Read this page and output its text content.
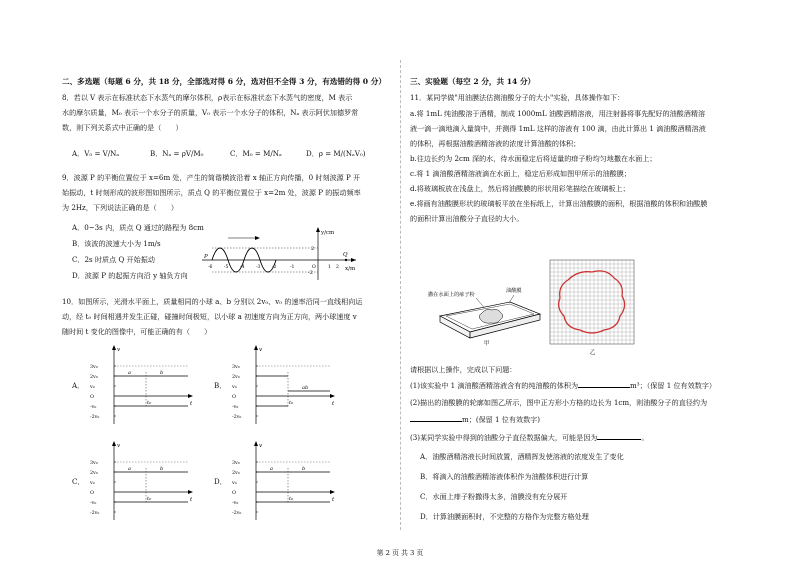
二、多选题（每题 6 分，共 18 分，全部选对得 6 分，选对但不全得 3 分，有选错的得 0 分）
8．若以 V 表示在标准状态下水蒸气的摩尔体积，ρ表示在标准状态下水蒸气的密度，M 表示
水的摩尔质量，M₀ 表示一个水分子的质量，V₀ 表示一个水分子的体积，Nₐ 表示阿伏加德罗常
数，则下列关系式中正确的是（　　）
A．V₀ = V/Nₐ	B．Nₐ = ρV/M₀	C．M₀ = M/Nₐ	D．ρ = M/(NₐV₀)
9．波源 P 的平衡位置位于 x=6m 处，产生的简谐横波沿着 x 轴正方向传播，0 时刻波源 P 开
始振动，t 时刻形成的波形图如图所示，质点 Q 的平衡位置位于 x=2m 处，波源 P 的振动频率
为 2Hz，下列说法正确的是（　　）
A．0~3s 内，质点 Q 通过的路程为 8cm
B．该波的波速大小为 1m/s
C．2s 时质点 Q 开始振动
D．波源 P 的起振方向沿 y 轴负方向
y/cm
x/m
2
-2
P	Q
-6	-5	-4	-3	-2	-1	O	1 2
10．如图所示，光滑水平面上，质量相同的小球 a、b 分别以 2v₀、v₀ 的速率沿同一直线相向运
动，经 t₀ 时间相遇并发生正碰，碰撞时间极短，以小球 a 初速度方向为正方向，两小球速度 v
随时间 t 变化的图像中，可能正确的有（　　）
A．
v
t
3v₀
2v₀
v₀
O
-v₀
-2v₀
t₀
a	b
B．
v
t
3v₀
2v₀
v₀
O
-v₀
-2v₀
t₀
ab
C．
v
t
3v₀
2v₀
v₀
O
-v₀
-2v₀
t₀
a	b
D．
v
t
3v₀
2v₀
v₀
O
-v₀
-2v₀
t₀
a	b
三、实验题（每空 2 分，共 14 分）
11．某同学做"用油膜法估测油酸分子的大小"实验，具体操作如下：
a.将 1mL 纯油酸溶于酒精，制成 1000mL 油酸酒精溶液，用注射器将事先配好的油酸酒精溶
液一滴一滴地滴入量筒中，并测得 1mL 这样的溶液有 100 滴，由此计算出 1 滴油酸酒精溶液
的体积，再根据油酸酒精溶液的浓度计算油酸的体积；
b.往边长约为 2cm 深的水，待水面稳定后将适量的痱子粉均匀地撒在水面上；
c.将 1 滴油酸酒精溶液滴在水面上，稳定后形成如图甲所示的油酸膜；
d.将玻璃板放在浅盘上，然后将油酸膜的形状用彩笔描绘在玻璃板上；
e.将画有油酸膜形状的玻璃板平放在坐标纸上，计算出油酸膜的面积，根据油酸的体积和油酸膜
的面积计算出油酸分子直径的大小。
撒在水面上的痱子粉
油酸膜
甲
乙
请根据以上操作，完成以下问题：
(1)该实验中 1 滴油酸酒精溶液含有的纯油酸的体积为	m³；（保留 1 位有效数字）
(2)描出的油酸膜的轮廓如图乙所示，图中正方形小方格的边长为 1cm，则油酸分子的直径约为
m；(保留 1 位有效数字)
(3)某同学实验中得到的油酸分子直径数据偏大，可能是因为	。
A．油酸酒精溶液长时间放置，酒精挥发使溶液的浓度发生了变化
B．将滴入的油酸酒精溶液体积作为油酸体积进行计算
C．水面上痱子粉撒得太多，油膜没有充分展开
D．计算油膜面积时，不完整的方格作为完整方格处理
第 2 页 共 3 页
